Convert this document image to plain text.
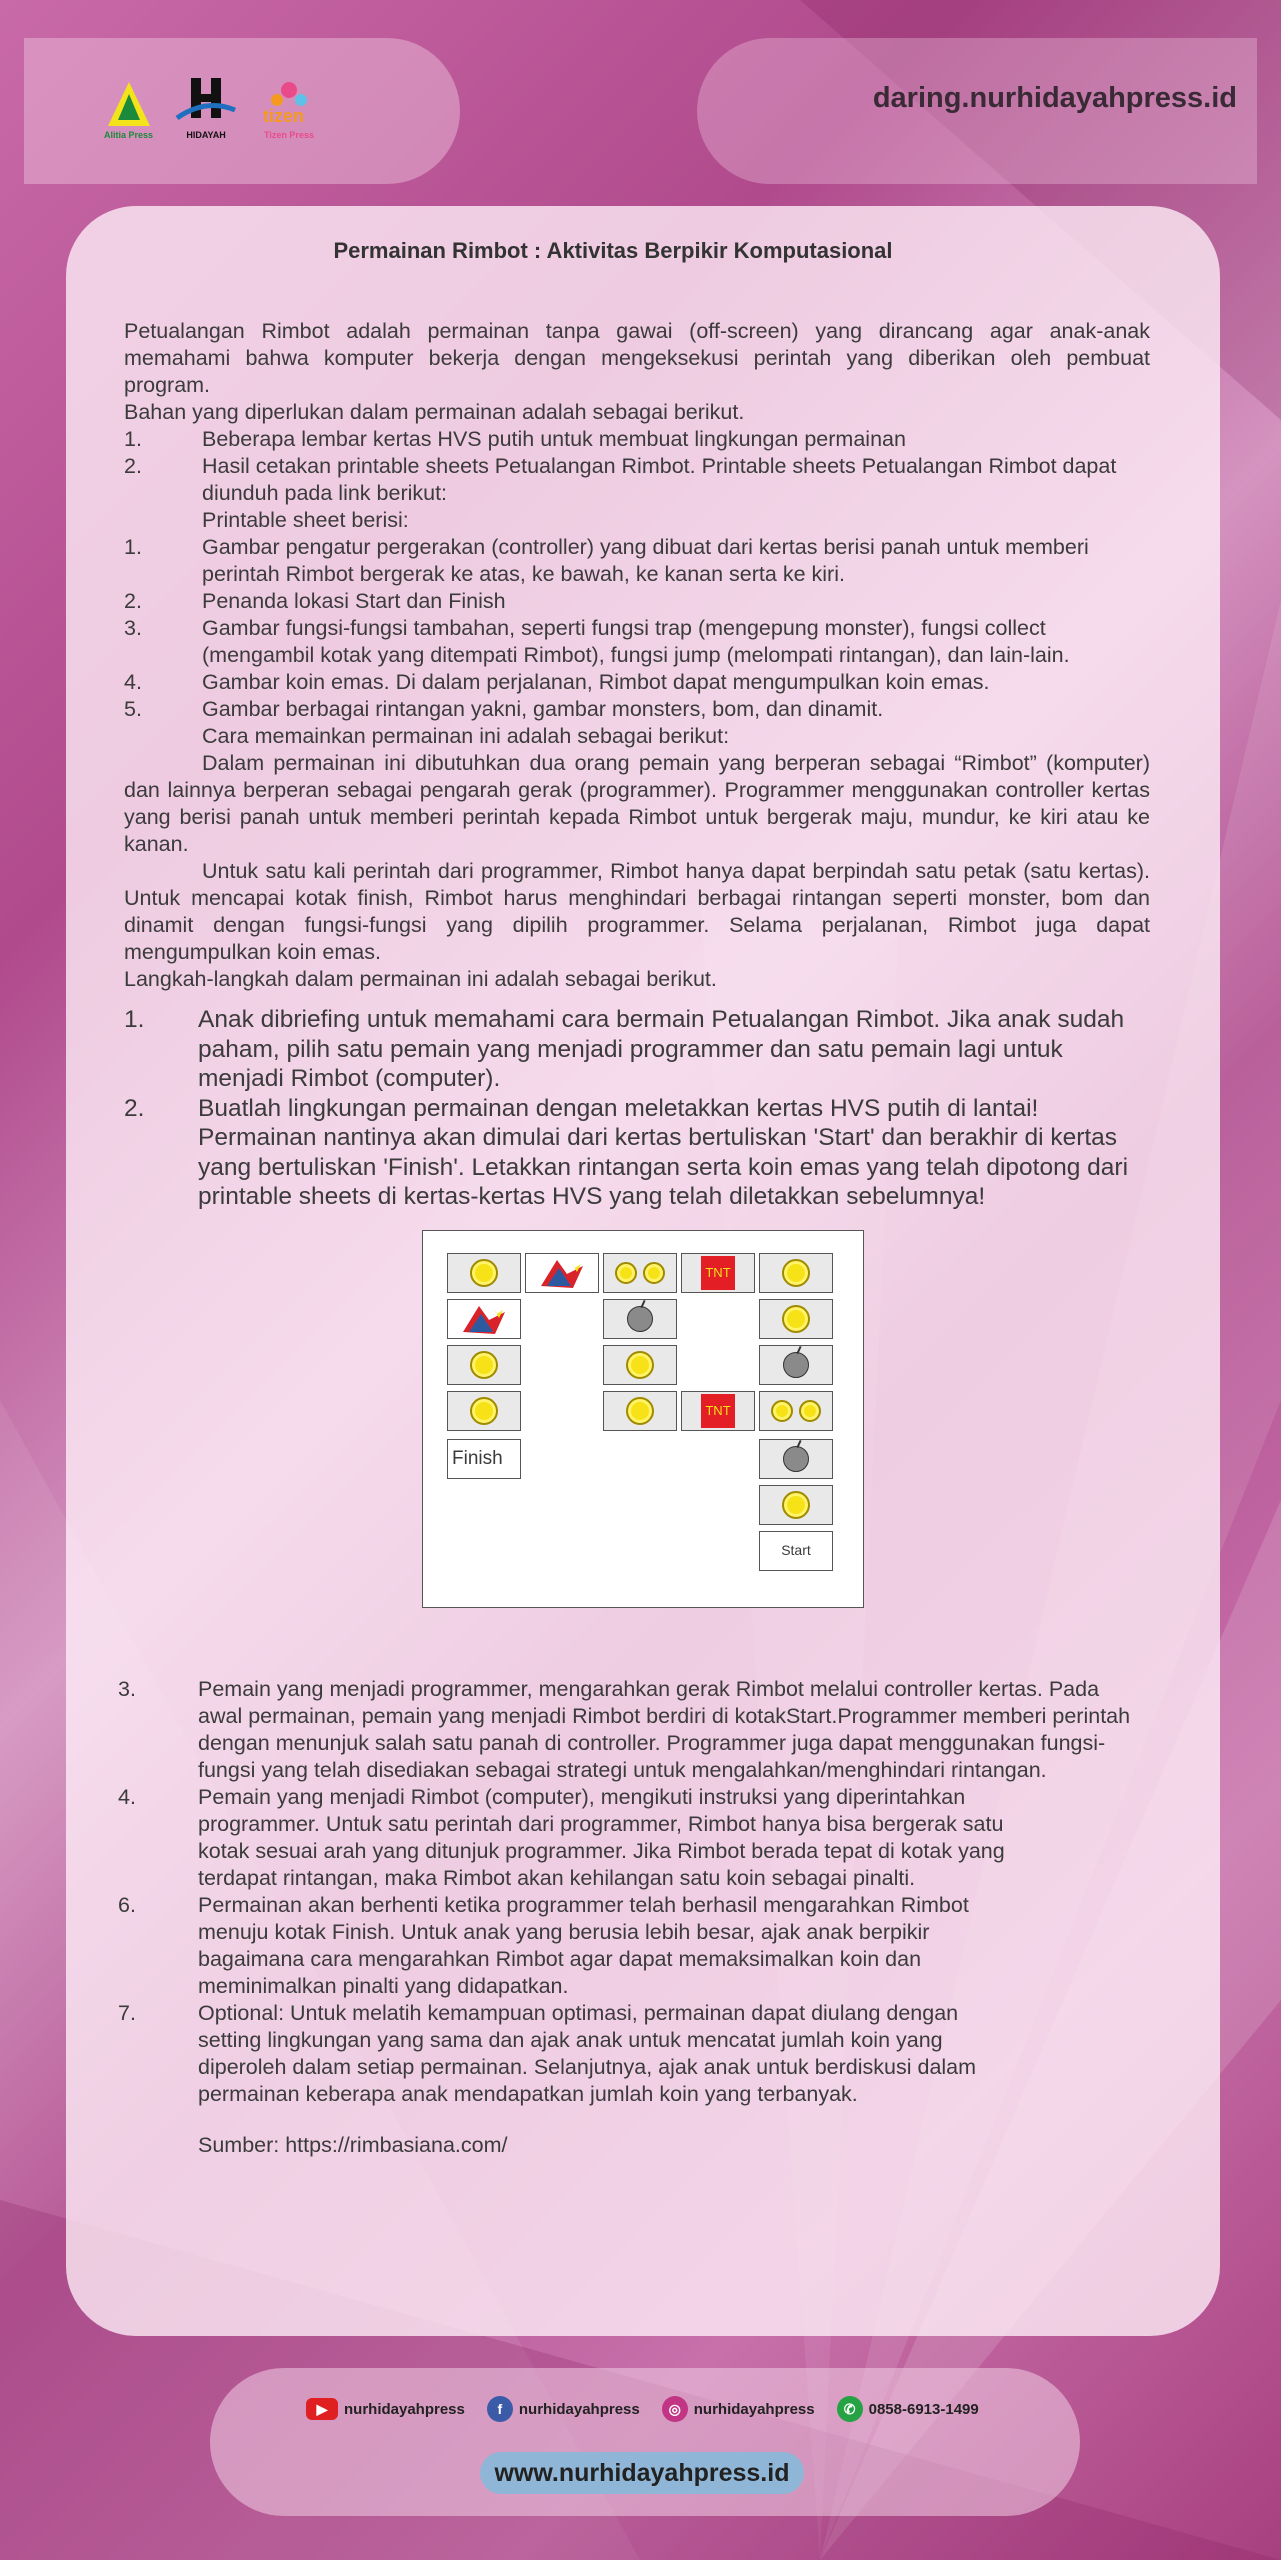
Alitia Press	HIDAYAH
tizen
Tizen Press
daring.nurhidayahpress.id
Permainan Rimbot : Aktivitas Berpikir Komputasional

Petualangan Rimbot adalah permainan tanpa gawai (off-screen) yang dirancang agar anak-anak memahami bahwa komputer bekerja dengan mengeksekusi perintah yang diberikan oleh pembuat program.

Bahan yang diperlukan dalam permainan adalah sebagai berikut.

1.	Beberapa lembar kertas HVS putih untuk membuat lingkungan permainan
2.	Hasil cetakan printable sheets Petualangan Rimbot. Printable sheets Petualangan Rimbot dapat diunduh pada link berikut:

Printable sheet berisi:

1.	Gambar pengatur pergerakan (controller) yang dibuat dari kertas berisi panah untuk memberi perintah Rimbot bergerak ke atas, ke bawah, ke kanan serta ke kiri.
2.	Penanda lokasi Start dan Finish
3.	Gambar fungsi-fungsi tambahan, seperti fungsi trap (mengepung monster), fungsi collect (mengambil kotak yang ditempati Rimbot), fungsi jump (melompati rintangan), dan lain-lain.
4.	Gambar koin emas. Di dalam perjalanan, Rimbot dapat mengumpulkan koin emas.
5.	Gambar berbagai rintangan yakni, gambar monsters, bom, dan dinamit.

Cara memainkan permainan ini adalah sebagai berikut:

Dalam permainan ini dibutuhkan dua orang pemain yang berperan sebagai “Rimbot” (komputer) dan lainnya berperan sebagai pengarah gerak (programmer). Programmer menggunakan controller kertas yang berisi panah untuk memberi perintah kepada Rimbot untuk bergerak maju, mundur, ke kiri atau ke kanan.

Untuk satu kali perintah dari programmer, Rimbot hanya dapat berpindah satu petak (satu kertas). Untuk mencapai kotak finish, Rimbot harus menghindari berbagai rintangan seperti monster, bom dan dinamit dengan fungsi-fungsi yang dipilih programmer. Selama perjalanan, Rimbot juga dapat mengumpulkan koin emas.

Langkah-langkah dalam permainan ini adalah sebagai berikut.

1.	Anak dibriefing untuk memahami cara bermain Petualangan Rimbot. Jika anak sudah paham, pilih satu pemain yang menjadi programmer dan satu pemain lagi untuk menjadi Rimbot (computer).
2.	Buatlah lingkungan permainan dengan meletakkan kertas HVS putih di lantai! Permainan nantinya akan dimulai dari kertas bertuliskan 'Start' dan berakhir di kertas yang bertuliskan 'Finish'. Letakkan rintangan serta koin emas yang telah dipotong dari printable sheets di kertas-kertas HVS yang telah diletakkan sebelumnya!
TNT
TNT
Finish
Start
3.	Pemain yang menjadi programmer, mengarahkan gerak Rimbot melalui controller kertas. Pada awal permainan, pemain yang menjadi Rimbot berdiri di kotakStart.Programmer memberi perintah dengan menunjuk salah satu panah di controller. Programmer juga dapat menggunakan fungsi-fungsi yang telah disediakan sebagai strategi untuk mengalahkan/menghindari rintangan.
4.	Pemain yang menjadi Rimbot (computer), mengikuti instruksi yang diperintahkan programmer. Untuk satu perintah dari programmer, Rimbot hanya bisa bergerak satu kotak sesuai arah yang ditunjuk programmer. Jika Rimbot berada tepat di kotak yang terdapat rintangan, maka Rimbot akan kehilangan satu koin sebagai pinalti.
6.	Permainan akan berhenti ketika programmer telah berhasil mengarahkan Rimbot menuju kotak Finish. Untuk anak yang berusia lebih besar, ajak anak berpikir bagaimana cara mengarahkan Rimbot agar dapat memaksimalkan koin dan meminimalkan pinalti yang didapatkan.
7.	Optional: Untuk melatih kemampuan optimasi, permainan dapat diulang dengan setting lingkungan yang sama dan ajak anak untuk mencatat jumlah koin yang diperoleh dalam setiap permainan. Selanjutnya, ajak anak untuk berdiskusi dalam permainan keberapa anak mendapatkan jumlah koin yang terbanyak.

Sumber: https://rimbasiana.com/

▶	nurhidayahpress	f	nurhidayahpress	◎ nurhidayahpress	✆ 0858-6913-1499
www.nurhidayahpress.id
